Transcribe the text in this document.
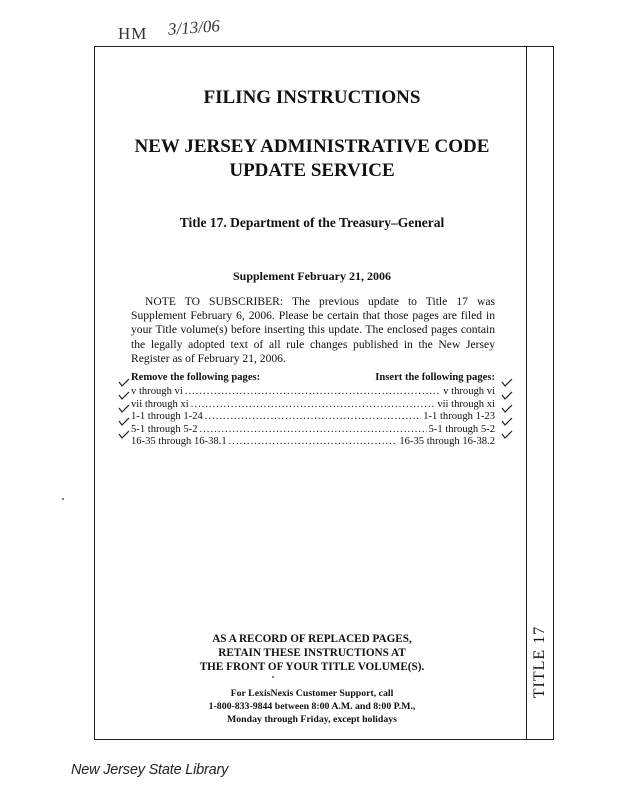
HM 3/13/06
FILING INSTRUCTIONS
NEW JERSEY ADMINISTRATIVE CODE
UPDATE SERVICE
Title 17. Department of the Treasury–General
Supplement February 21, 2006

NOTE TO SUBSCRIBER: The previous update to Title 17 was Supplement February 6, 2006. Please be certain that those pages are filed in your Title volume(s) before inserting this update. The enclosed pages contain the legally adopted text of all rule changes published in the New Jersey Register as of February 21, 2006.

Remove the following pages:	Insert the following pages:
v through vi .....	v through vi
vii through xi .....	vii through xi
1-1 through 1-24 .....	1-1 through 1-23
5-1 through 5-2 .....	5-1 through 5-2
16-35 through 16-38.1 .....	16-35 through 16-38.2
AS A RECORD OF REPLACED PAGES,
RETAIN THESE INSTRUCTIONS AT
THE FRONT OF YOUR TITLE VOLUME(S).
For LexisNexis Customer Support, call
1-800-833-9844 between 8:00 A.M. and 8:00 P.M.,
Monday through Friday, except holidays
TITLE 17
New Jersey State Library
